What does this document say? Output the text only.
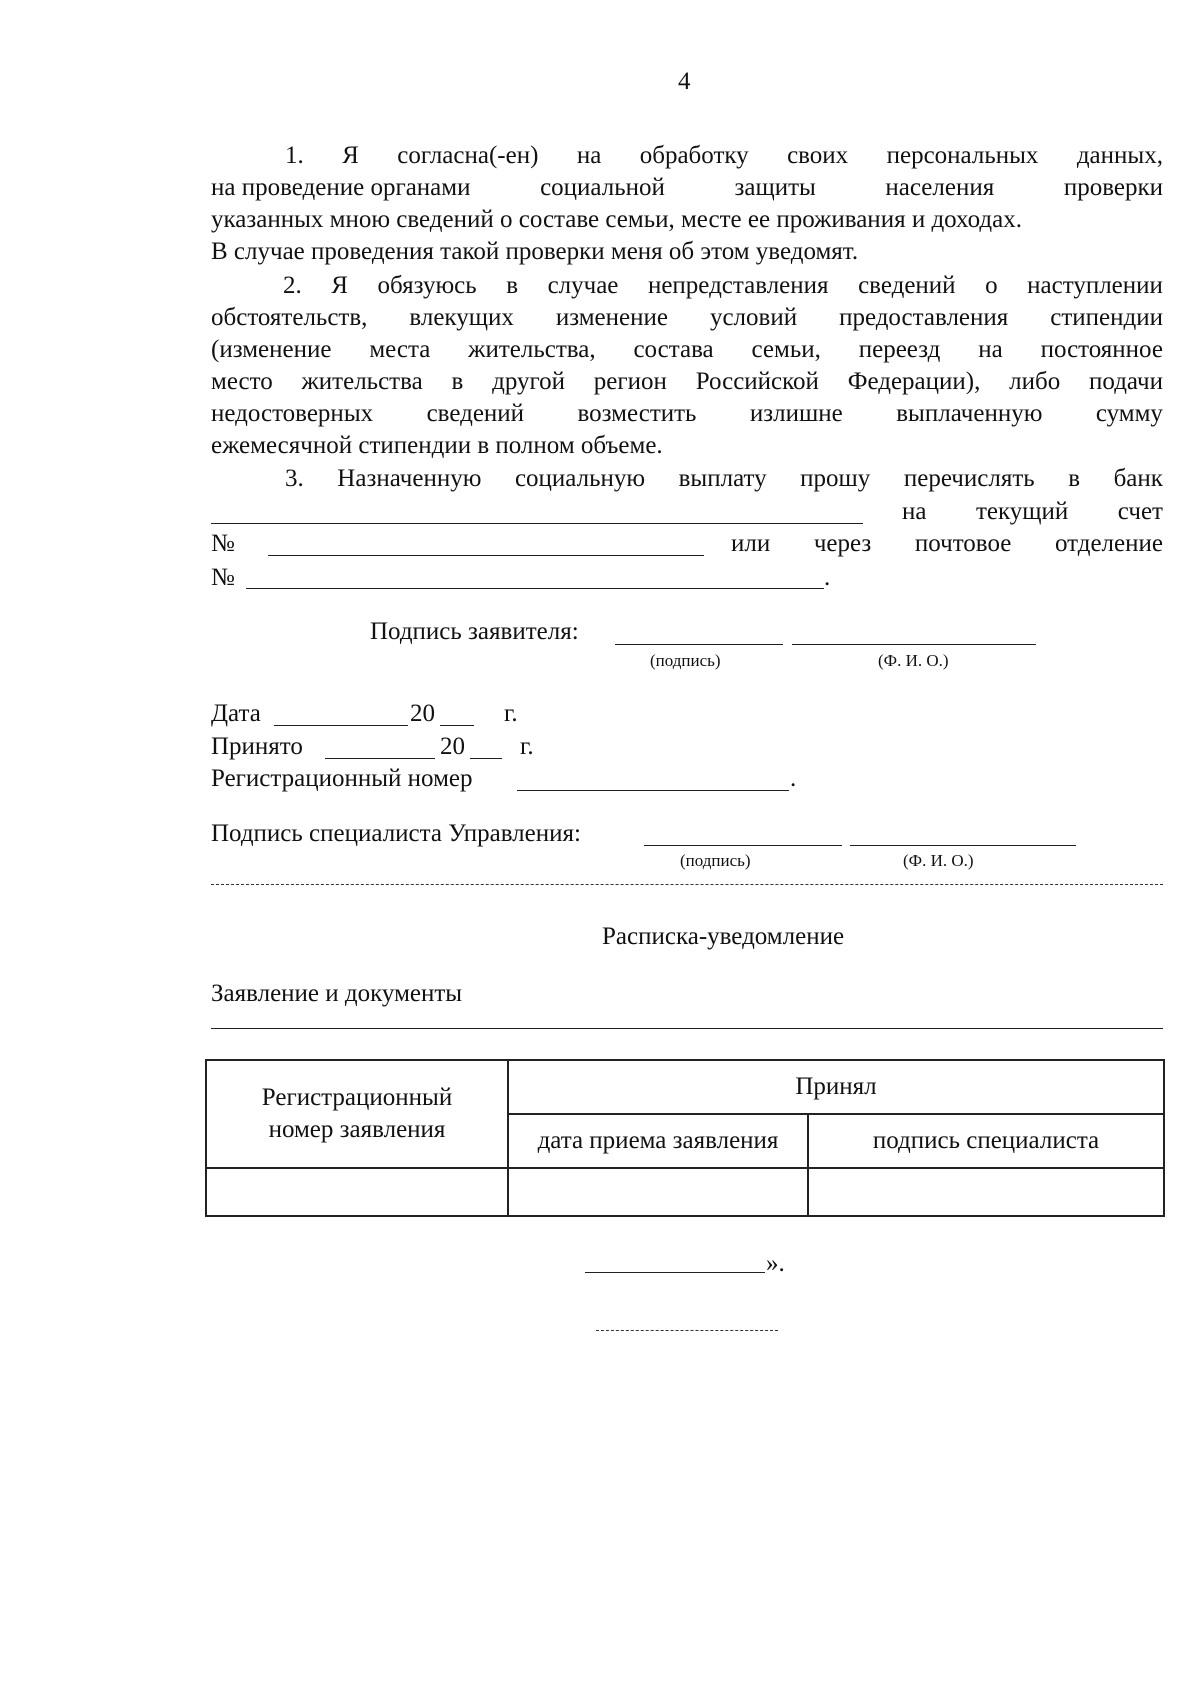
4
1. Я согласна(-ен) на обработку своих персональных данных,
на проведение органами	социальной	защиты	населения	проверки
указанных мною сведений о составе семьи, месте ее проживания и доходах.
В случае проведения такой проверки меня об этом уведомят.
2. Я обязуюсь в случае непредставления сведений о наступлении
обстоятельств, влекущих изменение условий предоставления стипендии
(изменение места жительства, состава семьи, переезд на постоянное
место жительства в другой регион Российской Федерации), либо подачи
недостоверных сведений возместить излишне выплаченную сумму
ежемесячной стипендии в полном объеме.
3. Назначенную социальную выплату прошу перечислять в банк
на текущий счет
№	или через почтовое отделение
№	.
Подпись заявителя:
(подпись)	(Ф. И. О.)
Дата	20	г.
Принято	20 г.
Регистрационный номер	.
Подпись специалиста Управления:
(подпись)	(Ф. И. О.)
Расписка-уведомление
Заявление и документы
Регистрационный номер заявления	Принял	
	дата приема заявления	подпись специалиста

».
